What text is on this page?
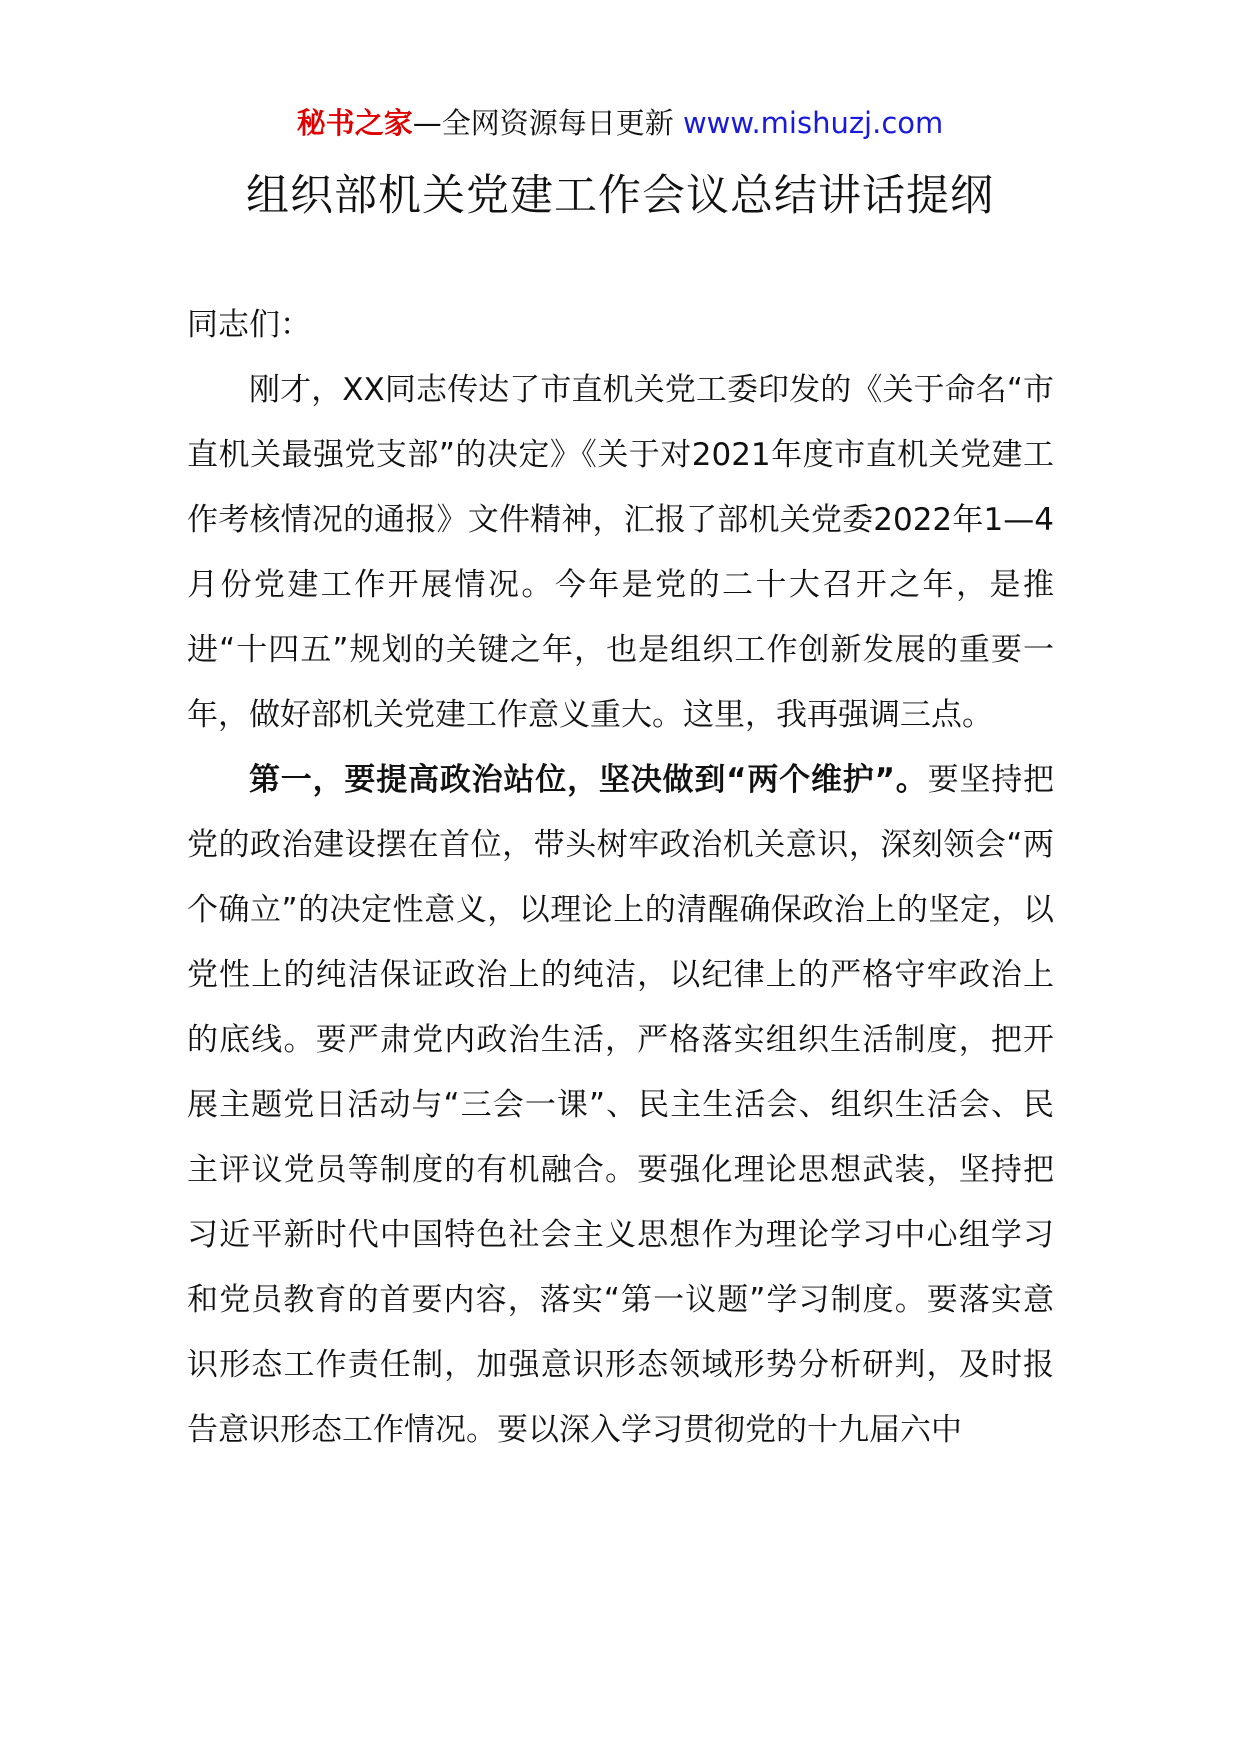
秘书之家—全网资源每日更新 www.mishuzj.com
组织部机关党建工作会议总结讲话提纲

同志们：

刚才，XX同志传达了市直机关党工委印发的《关于命名“市直机关最强党支部”的决定》《关于对2021年度市直机关党建工作考核情况的通报》文件精神，汇报了部机关党委2022年1—4月份党建工作开展情况。今年是党的二十大召开之年，是推进“十四五”规划的关键之年，也是组织工作创新发展的重要一年，做好部机关党建工作意义重大。这里，我再强调三点。

第一，要提高政治站位，坚决做到“两个维护”。要坚持把党的政治建设摆在首位，带头树牢政治机关意识，深刻领会“两个确立”的决定性意义，以理论上的清醒确保政治上的坚定，以党性上的纯洁保证政治上的纯洁，以纪律上的严格守牢政治上的底线。要严肃党内政治生活，严格落实组织生活制度，把开展主题党日活动与“三会一课”、民主生活会、组织生活会、民主评议党员等制度的有机融合。要强化理论思想武装，坚持把习近平新时代中国特色社会主义思想作为理论学习中心组学习和党员教育的首要内容，落实“第一议题”学习制度。要落实意识形态工作责任制，加强意识形态领域形势分析研判，及时报告意识形态工作情况。要以深入学习贯彻党的十九届六中
